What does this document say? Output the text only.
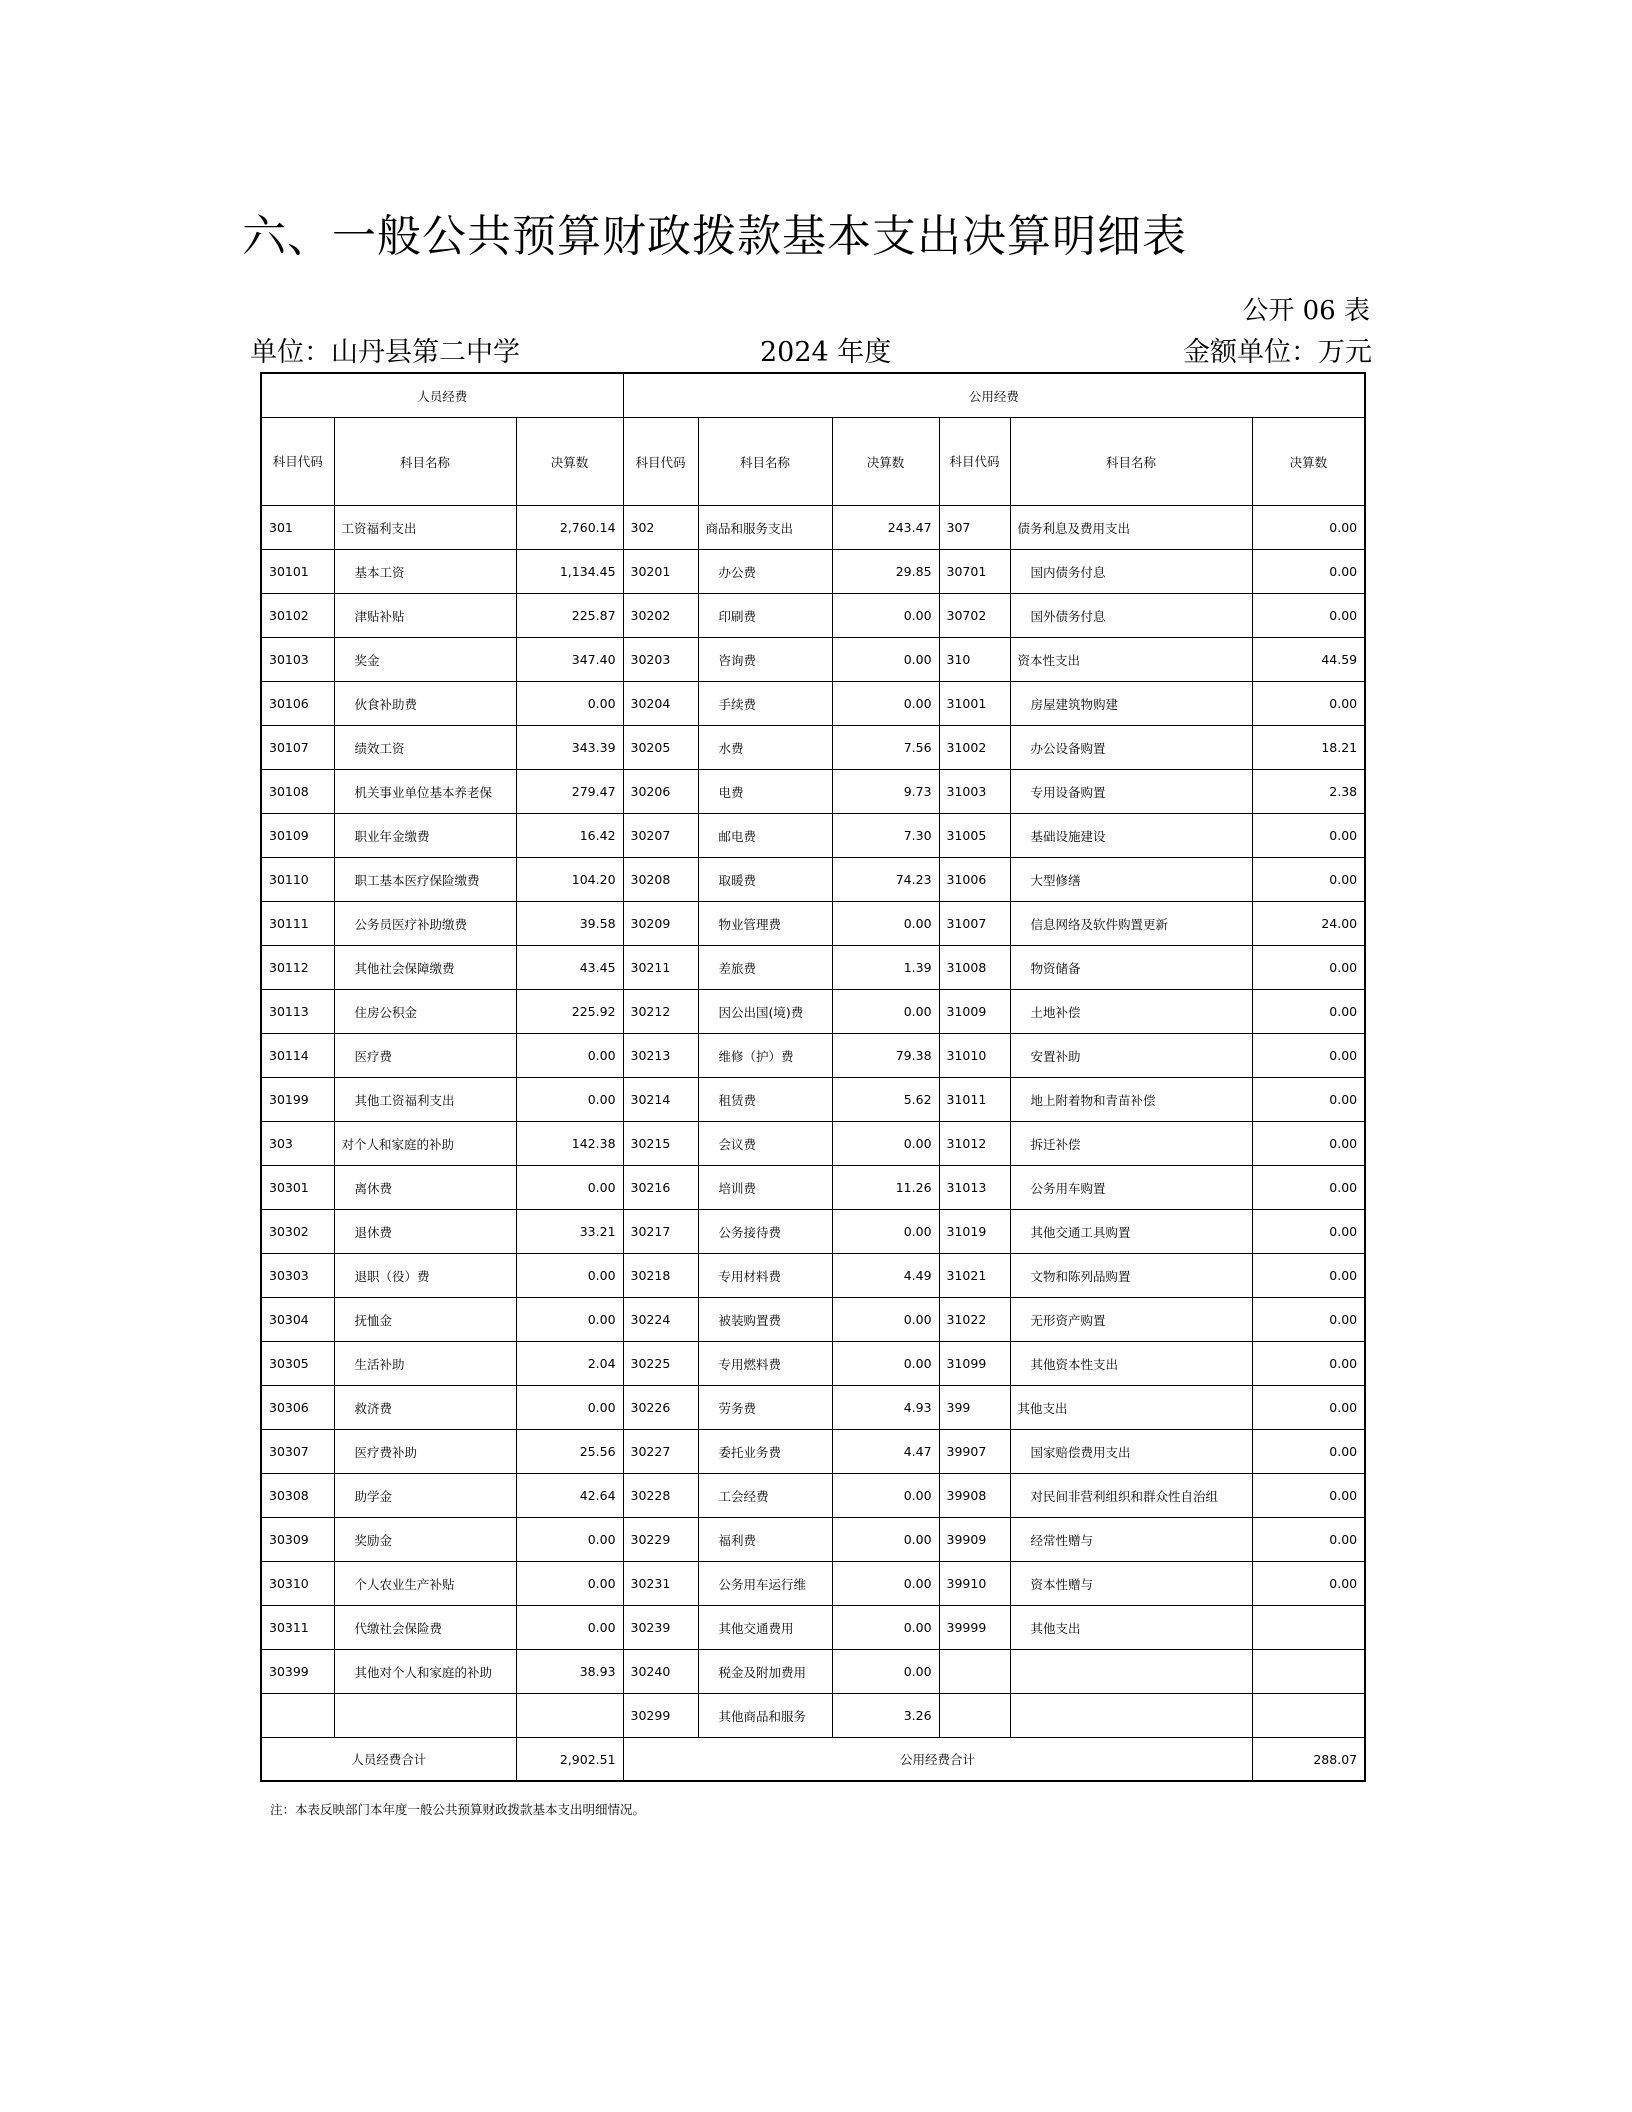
六、一般公共预算财政拨款基本支出决算明细表
公开 06 表
单位：山丹县第二中学	2024 年度	金额单位：万元
人员经费			公用经费					
科目代码	科目名称	决算数	科目代码	科目名称	决算数	科目代码	科目名称	决算数
301	工资福利支出	2,760.14	302	商品和服务支出	243.47	307	债务利息及费用支出	0.00
30101	基本工资	1,134.45	30201	办公费	29.85	30701	国内债务付息	0.00
30102	津贴补贴	225.87	30202	印刷费	0.00	30702	国外债务付息	0.00
30103	奖金	347.40	30203	咨询费	0.00	310	资本性支出	44.59
30106	伙食补助费	0.00	30204	手续费	0.00	31001	房屋建筑物购建	0.00
30107	绩效工资	343.39	30205	水费	7.56	31002	办公设备购置	18.21
30108	机关事业单位基本养老保	279.47	30206	电费	9.73	31003	专用设备购置	2.38
30109	职业年金缴费	16.42	30207	邮电费	7.30	31005	基础设施建设	0.00
30110	职工基本医疗保险缴费	104.20	30208	取暖费	74.23	31006	大型修缮	0.00
30111	公务员医疗补助缴费	39.58	30209	物业管理费	0.00	31007	信息网络及软件购置更新	24.00
30112	其他社会保障缴费	43.45	30211	差旅费	1.39	31008	物资储备	0.00
30113	住房公积金	225.92	30212	因公出国(境)费	0.00	31009	土地补偿	0.00
30114	医疗费	0.00	30213	维修（护）费	79.38	31010	安置补助	0.00
30199	其他工资福利支出	0.00	30214	租赁费	5.62	31011	地上附着物和青苗补偿	0.00
303	对个人和家庭的补助	142.38	30215	会议费	0.00	31012	拆迁补偿	0.00
30301	离休费	0.00	30216	培训费	11.26	31013	公务用车购置	0.00
30302	退休费	33.21	30217	公务接待费	0.00	31019	其他交通工具购置	0.00
30303	退职（役）费	0.00	30218	专用材料费	4.49	31021	文物和陈列品购置	0.00
30304	抚恤金	0.00	30224	被装购置费	0.00	31022	无形资产购置	0.00
30305	生活补助	2.04	30225	专用燃料费	0.00	31099	其他资本性支出	0.00
30306	救济费	0.00	30226	劳务费	4.93	399	其他支出	0.00
30307	医疗费补助	25.56	30227	委托业务费	4.47	39907	国家赔偿费用支出	0.00
30308	助学金	42.64	30228	工会经费	0.00	39908	对民间非营利组织和群众性自治组	0.00
30309	奖励金	0.00	30229	福利费	0.00	39909	经常性赠与	0.00
30310	个人农业生产补贴	0.00	30231	公务用车运行维	0.00	39910	资本性赠与	0.00
30311	代缴社会保险费	0.00	30239	其他交通费用	0.00	39999	其他支出	
30399	其他对个人和家庭的补助	38.93	30240	税金及附加费用	0.00			
			30299	其他商品和服务	3.26			
人员经费合计		2,902.51	公用经费合计					288.07
注：本表反映部门本年度一般公共预算财政拨款基本支出明细情况。
